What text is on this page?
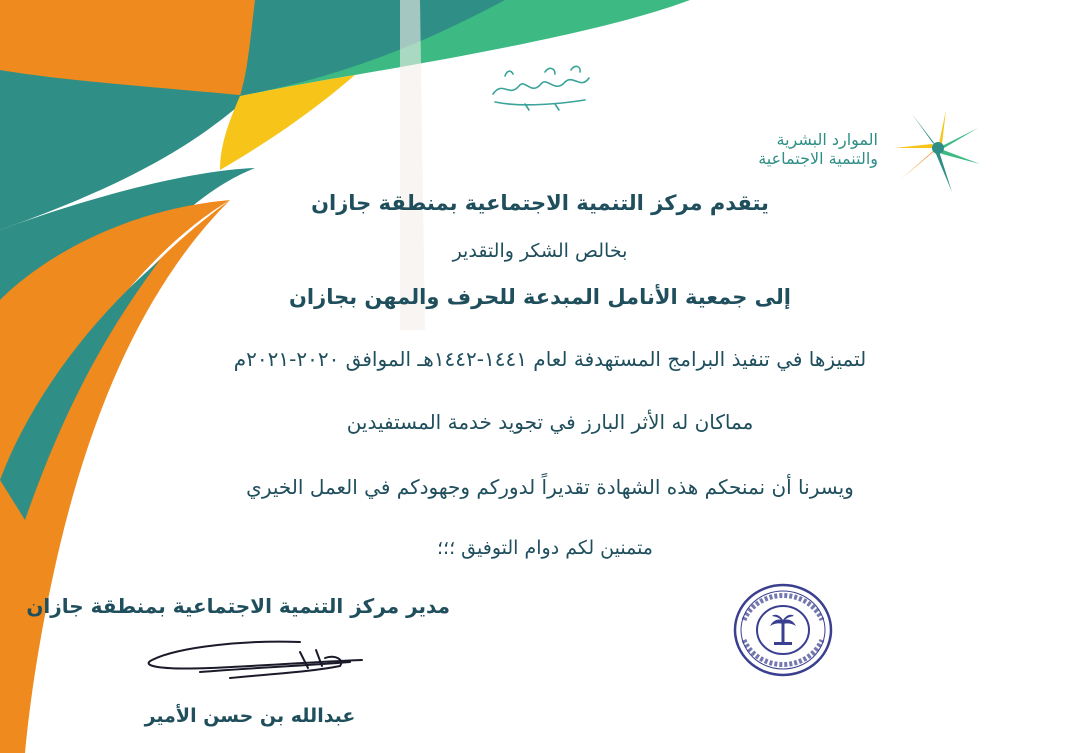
الموارد البشرية
والتنمية الاجتماعية
يتقدم مركز التنمية الاجتماعية بمنطقة جازان
بخالص الشكر والتقدير
إلى جمعية الأنامل المبدعة للحرف والمهن بجازان
لتميزها في تنفيذ البرامج المستهدفة لعام ١٤٤١-١٤٤٢هـ الموافق ٢٠٢٠-٢٠٢١م
مماكان له الأثر البارز في تجويد خدمة المستفيدين
ويسرنا أن نمنحكم هذه الشهادة تقديراً لدوركم وجهودكم في العمل الخيري
متمنين لكم دوام التوفيق ؛؛؛
مدير مركز التنمية الاجتماعية بمنطقة جازان
عبدالله بن حسن الأمير
